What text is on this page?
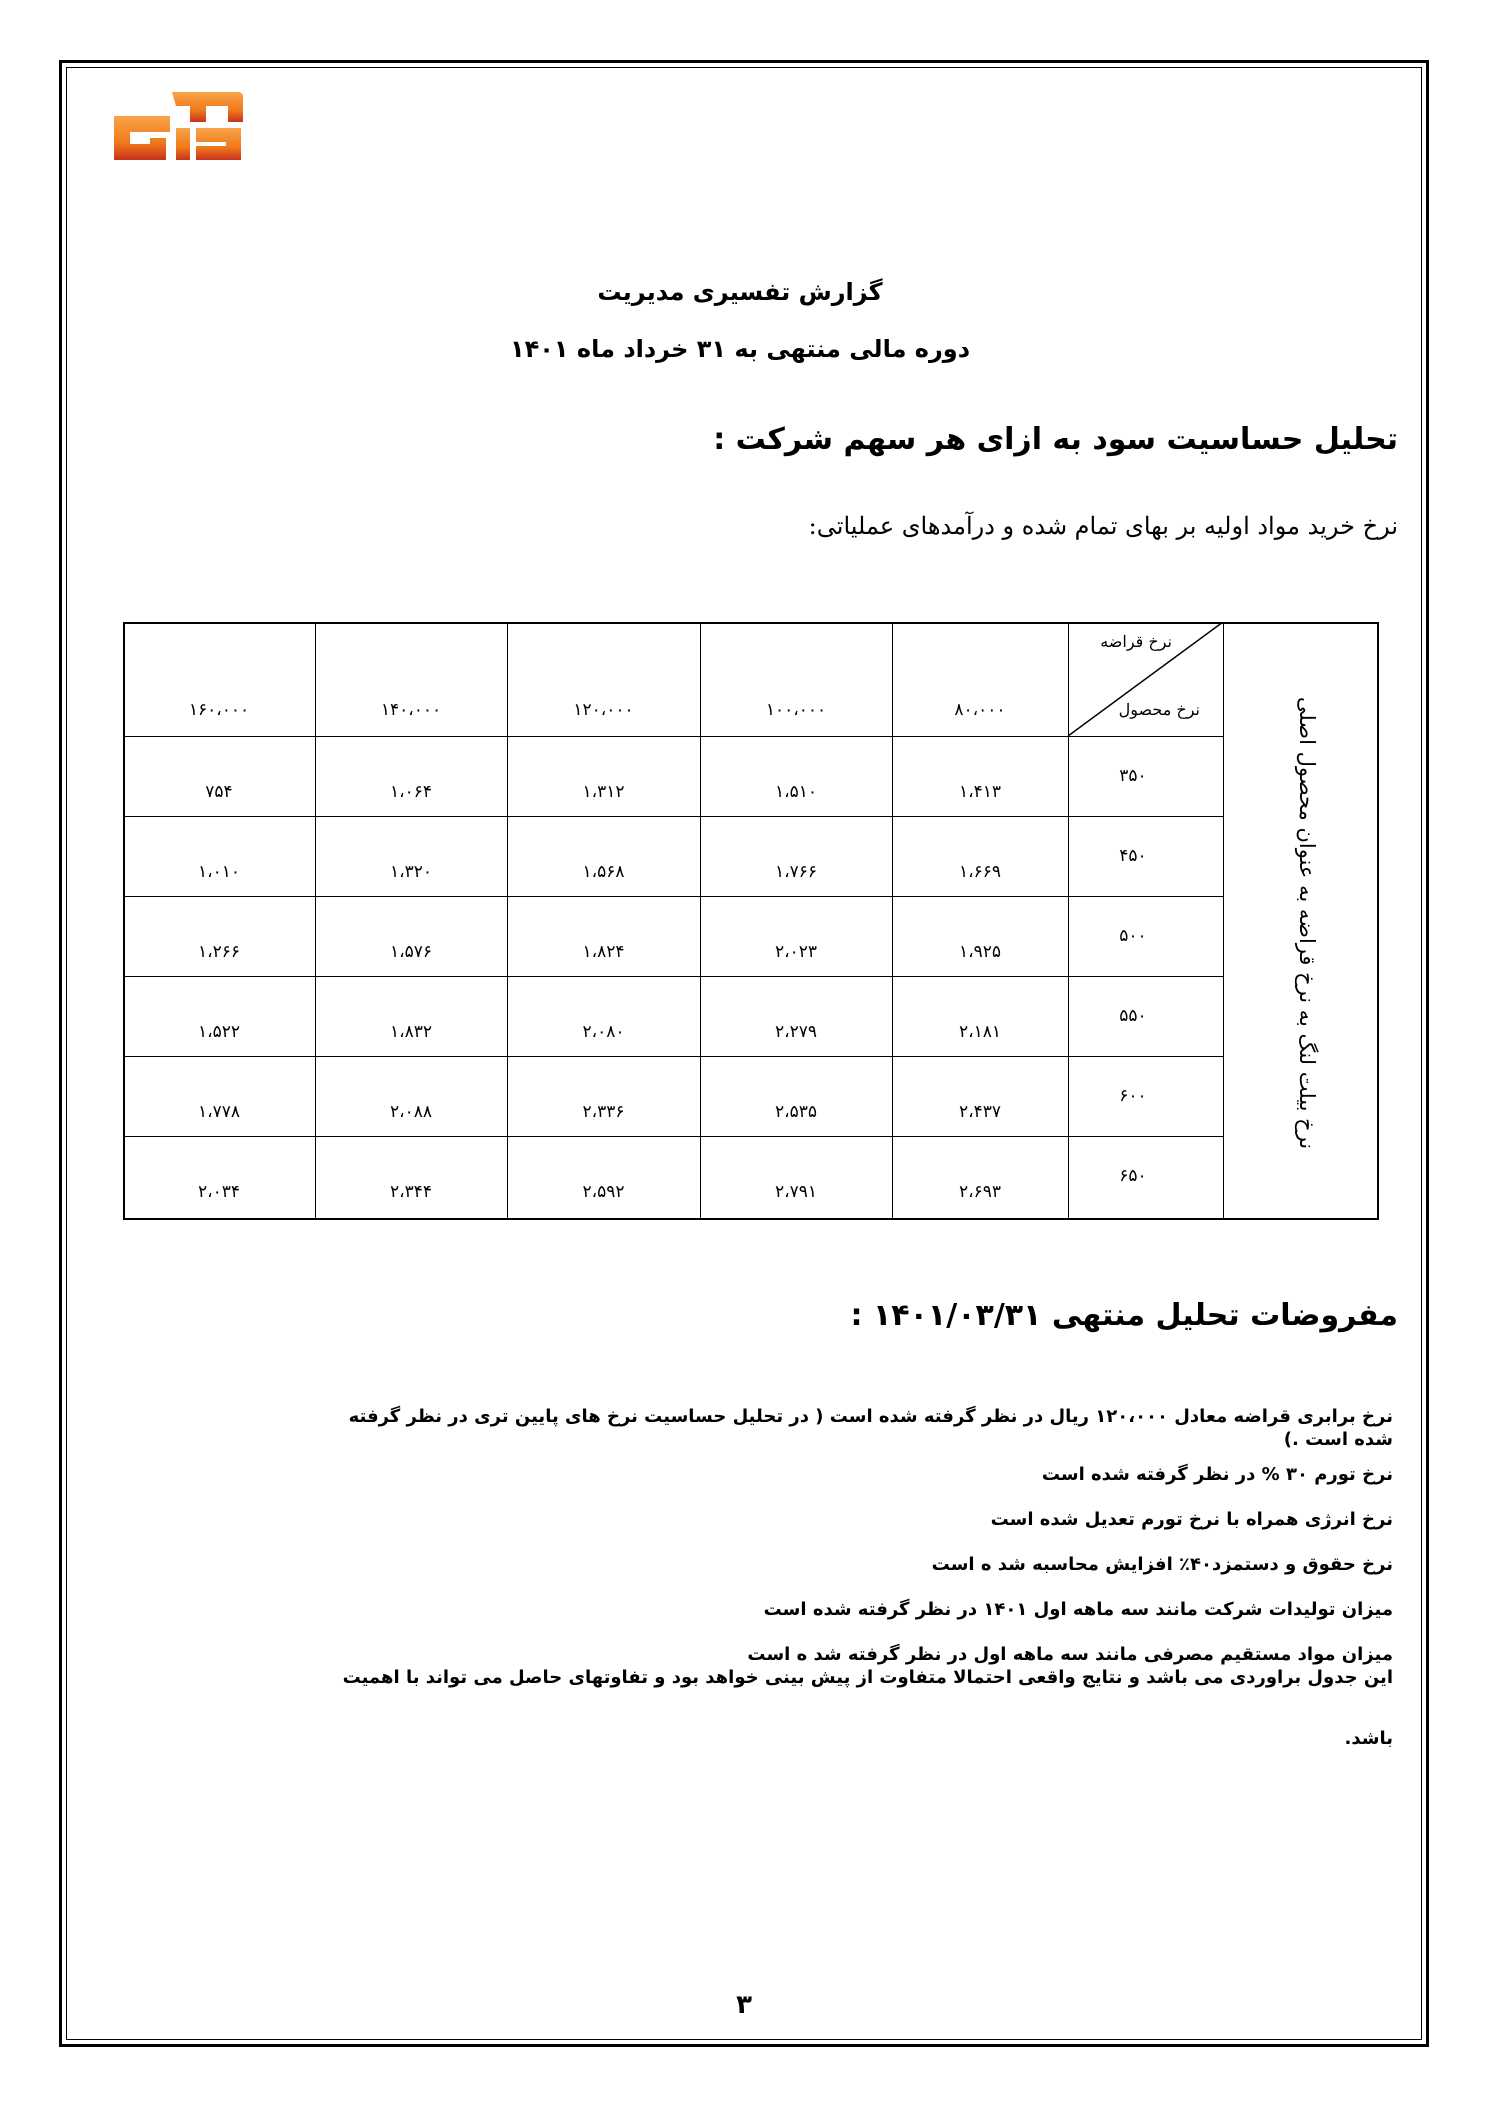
گزارش تفسیری مدیریت
دوره مالی منتهی به ۳۱ خرداد ماه ۱۴۰۱
تحلیل حساسیت سود به ازای هر سهم شرکت :
نرخ خرید مواد اولیه بر بهای تمام شده و درآمدهای عملیاتی:
نرخ قراضه
نرخ محصول	نرخ بیلت لنگ به نرخ قراضه به عنوان محصول اصلی
۸۰،۰۰۰
۱۰۰،۰۰۰
۱۲۰،۰۰۰
۱۴۰،۰۰۰
۱۶۰،۰۰۰
۳۵۰
۱،۴۱۳
۱،۵۱۰
۱،۳۱۲
۱،۰۶۴
۷۵۴
۴۵۰
۱،۶۶۹
۱،۷۶۶
۱،۵۶۸
۱،۳۲۰
۱،۰۱۰
۵۰۰
۱،۹۲۵
۲،۰۲۳
۱،۸۲۴
۱،۵۷۶
۱،۲۶۶
۵۵۰
۲،۱۸۱
۲،۲۷۹
۲،۰۸۰
۱،۸۳۲
۱،۵۲۲
۶۰۰
۲،۴۳۷
۲،۵۳۵
۲،۳۳۶
۲،۰۸۸
۱،۷۷۸
۶۵۰
۲،۶۹۳
۲،۷۹۱
۲،۵۹۲
۲،۳۴۴
۲،۰۳۴
مفروضات تحلیل منتهی ۱۴۰۱/۰۳/۳۱ :

نرخ برابری قراضه معادل ۱۲۰،۰۰۰ ریال در نظر گرفته شده است ( در تحلیل حساسیت نرخ های پایین تری در نظر گرفته

شده است .)

نرخ تورم ۳۰ % در نظر گرفته شده است

نرخ انرژی همراه با نرخ تورم تعدیل شده است

نرخ حقوق و دستمزد۴۰٪ افزایش محاسبه شد ه است

میزان تولیدات شرکت مانند سه ماهه اول ۱۴۰۱ در نظر گرفته شده است

میزان مواد مستقیم مصرفی مانند سه ماهه اول در نظر گرفته شد ه است

این جدول براوردی می باشد و نتایج واقعی احتمالا متفاوت از پیش بینی خواهد بود و تفاوتهای حاصل می تواند با اهمیت

باشد.

۳
